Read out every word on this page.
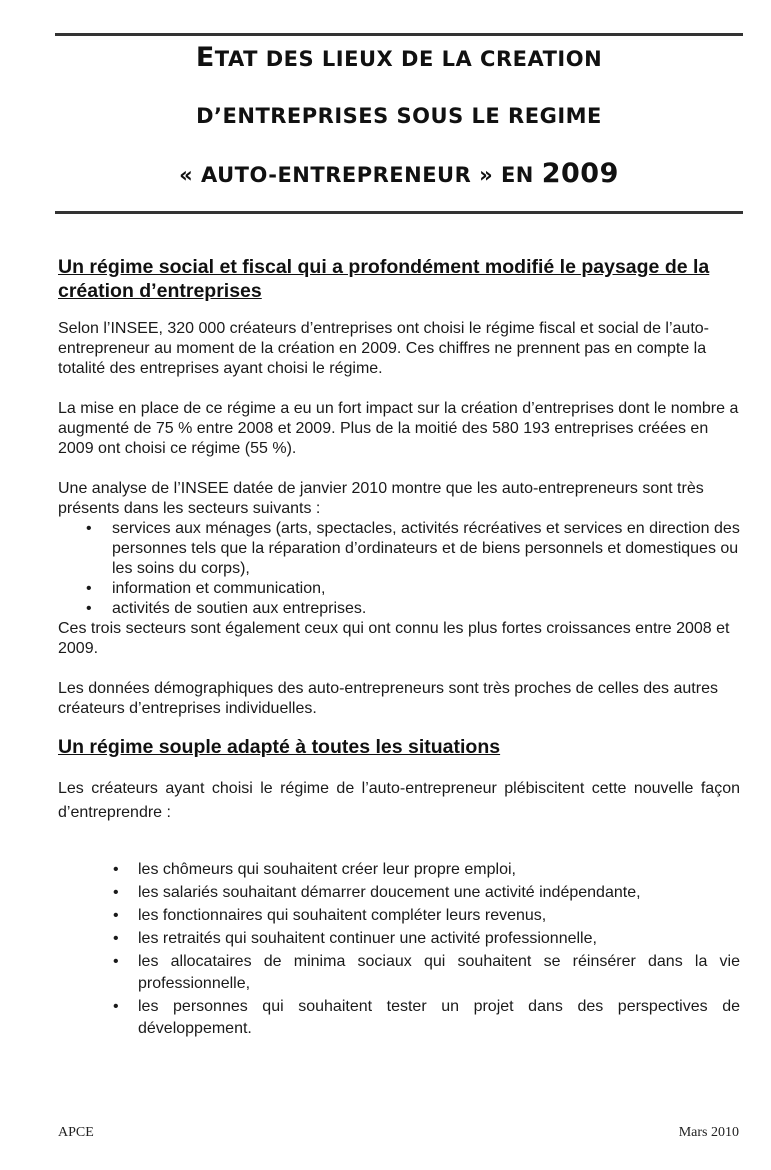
ETAT DES LIEUX DE LA CREATION
D’ENTREPRISES SOUS LE REGIME
« AUTO-ENTREPRENEUR » EN 2009
Un régime social et fiscal qui a profondément modifié le paysage de la création d’entreprises

Selon l’INSEE, 320 000 créateurs d’entreprises ont choisi le régime fiscal et social de l’auto-entrepreneur au moment de la création en 2009. Ces chiffres ne prennent pas en compte la totalité des entreprises ayant choisi le régime.

La mise en place de ce régime a eu un fort impact sur la création d’entreprises dont le nombre a augmenté de 75 % entre 2008 et 2009. Plus de la moitié des 580 193 entreprises créées en 2009 ont choisi ce régime (55 %).

Une analyse de l’INSEE datée de janvier 2010 montre que les auto-entrepreneurs sont très présents dans les secteurs suivants :
• services aux ménages (arts, spectacles, activités récréatives et services en direction des personnes tels que la réparation d’ordinateurs et de biens personnels et domestiques ou les soins du corps),
• information et communication,
• activités de soutien aux entreprises.

Ces trois secteurs sont également ceux qui ont connu les plus fortes croissances entre 2008 et 2009.

Les données démographiques des auto-entrepreneurs sont très proches de celles des autres créateurs d’entreprises individuelles.

Un régime souple adapté à toutes les situations

Les créateurs ayant choisi le régime de l’auto-entrepreneur plébiscitent cette nouvelle façon d’entreprendre :

• les chômeurs qui souhaitent créer leur propre emploi,
• les salariés souhaitant démarrer doucement une activité indépendante,
• les fonctionnaires qui souhaitent compléter leurs revenus,
• les retraités qui souhaitent continuer une activité professionnelle,
• les allocataires de minima sociaux qui souhaitent se réinsérer dans la vie professionnelle,
• les personnes qui souhaitent tester un projet dans des perspectives de développement.
APCE	Mars 2010
